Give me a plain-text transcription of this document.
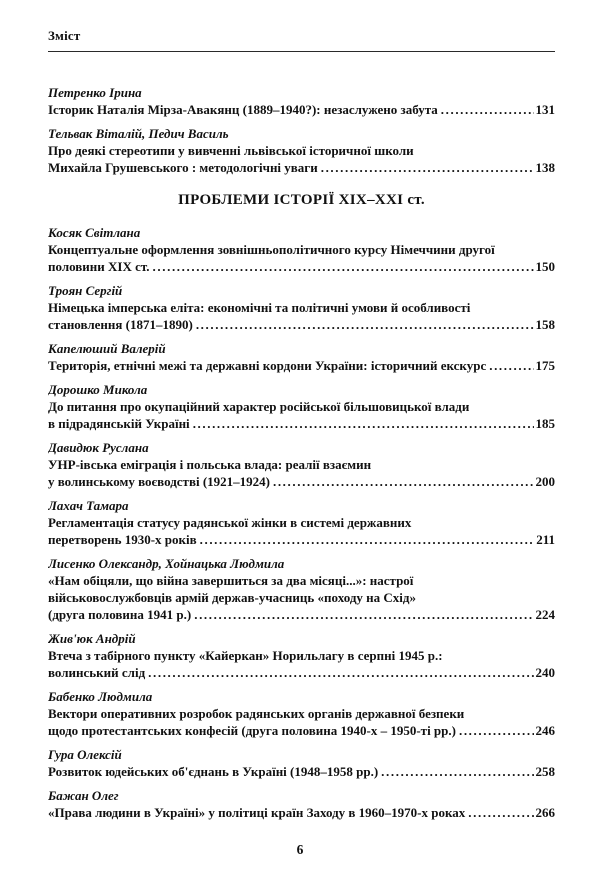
Зміст
Петренко Ірина
Історик Наталія Мірза-Авакянц (1889–1940?): незаслужено забута .....	131
Тельвак Віталій, Педич Василь
Про деякі стереотипи у вивченні львівської історичної школи
Михайла Грушевського : методологічні уваги .....	138
ПРОБЛЕМИ ІСТОРІЇ XIX–XXI ст.
Косяк Світлана
Концептуальне оформлення зовнішньополітичного курсу Німеччини другої
половини XIX ст. .....	150
Троян Сергій
Німецька імперська еліта: економічні та політичні умови й особливості
становлення (1871–1890) .....	158
Капелюший Валерій
Територія, етнічні межі та державні кордони України: історичний екскурс .....	175
Дорошко Микола
До питання про окупаційний характер російської більшовицької влади
в підрадянській Україні .....	185
Давидюк Руслана
УНР-івська еміграція і польська влада: реалії взаємин
у волинському воєводстві (1921–1924) .....	200
Лахач Тамара
Регламентація статусу радянської жінки в системі державних
перетворень 1930-х років .....	211
Лисенко Олександр, Хойнацька Людмила
«Нам обіцяли, що війна завершиться за два місяці...»: настрої
військовослужбовців армій держав-учасниць «походу на Схід»
(друга половина 1941 р.) .....	224
Жив'юк Андрій
Втеча з табірного пункту «Кайеркан» Норильлагу в серпні 1945 р.:
волинський слід .....	240
Бабенко Людмила
Вектори оперативних розробок радянських органів державної безпеки
щодо протестантських конфесій (друга половина 1940-х – 1950-ті рр.) .....	246
Гура Олексій
Розвиток юдейських об'єднань в Україні (1948–1958 рр.) .....	258
Бажан Олег
«Права людини в Україні» у політиці країн Заходу в 1960–1970-х роках .....	266
6
